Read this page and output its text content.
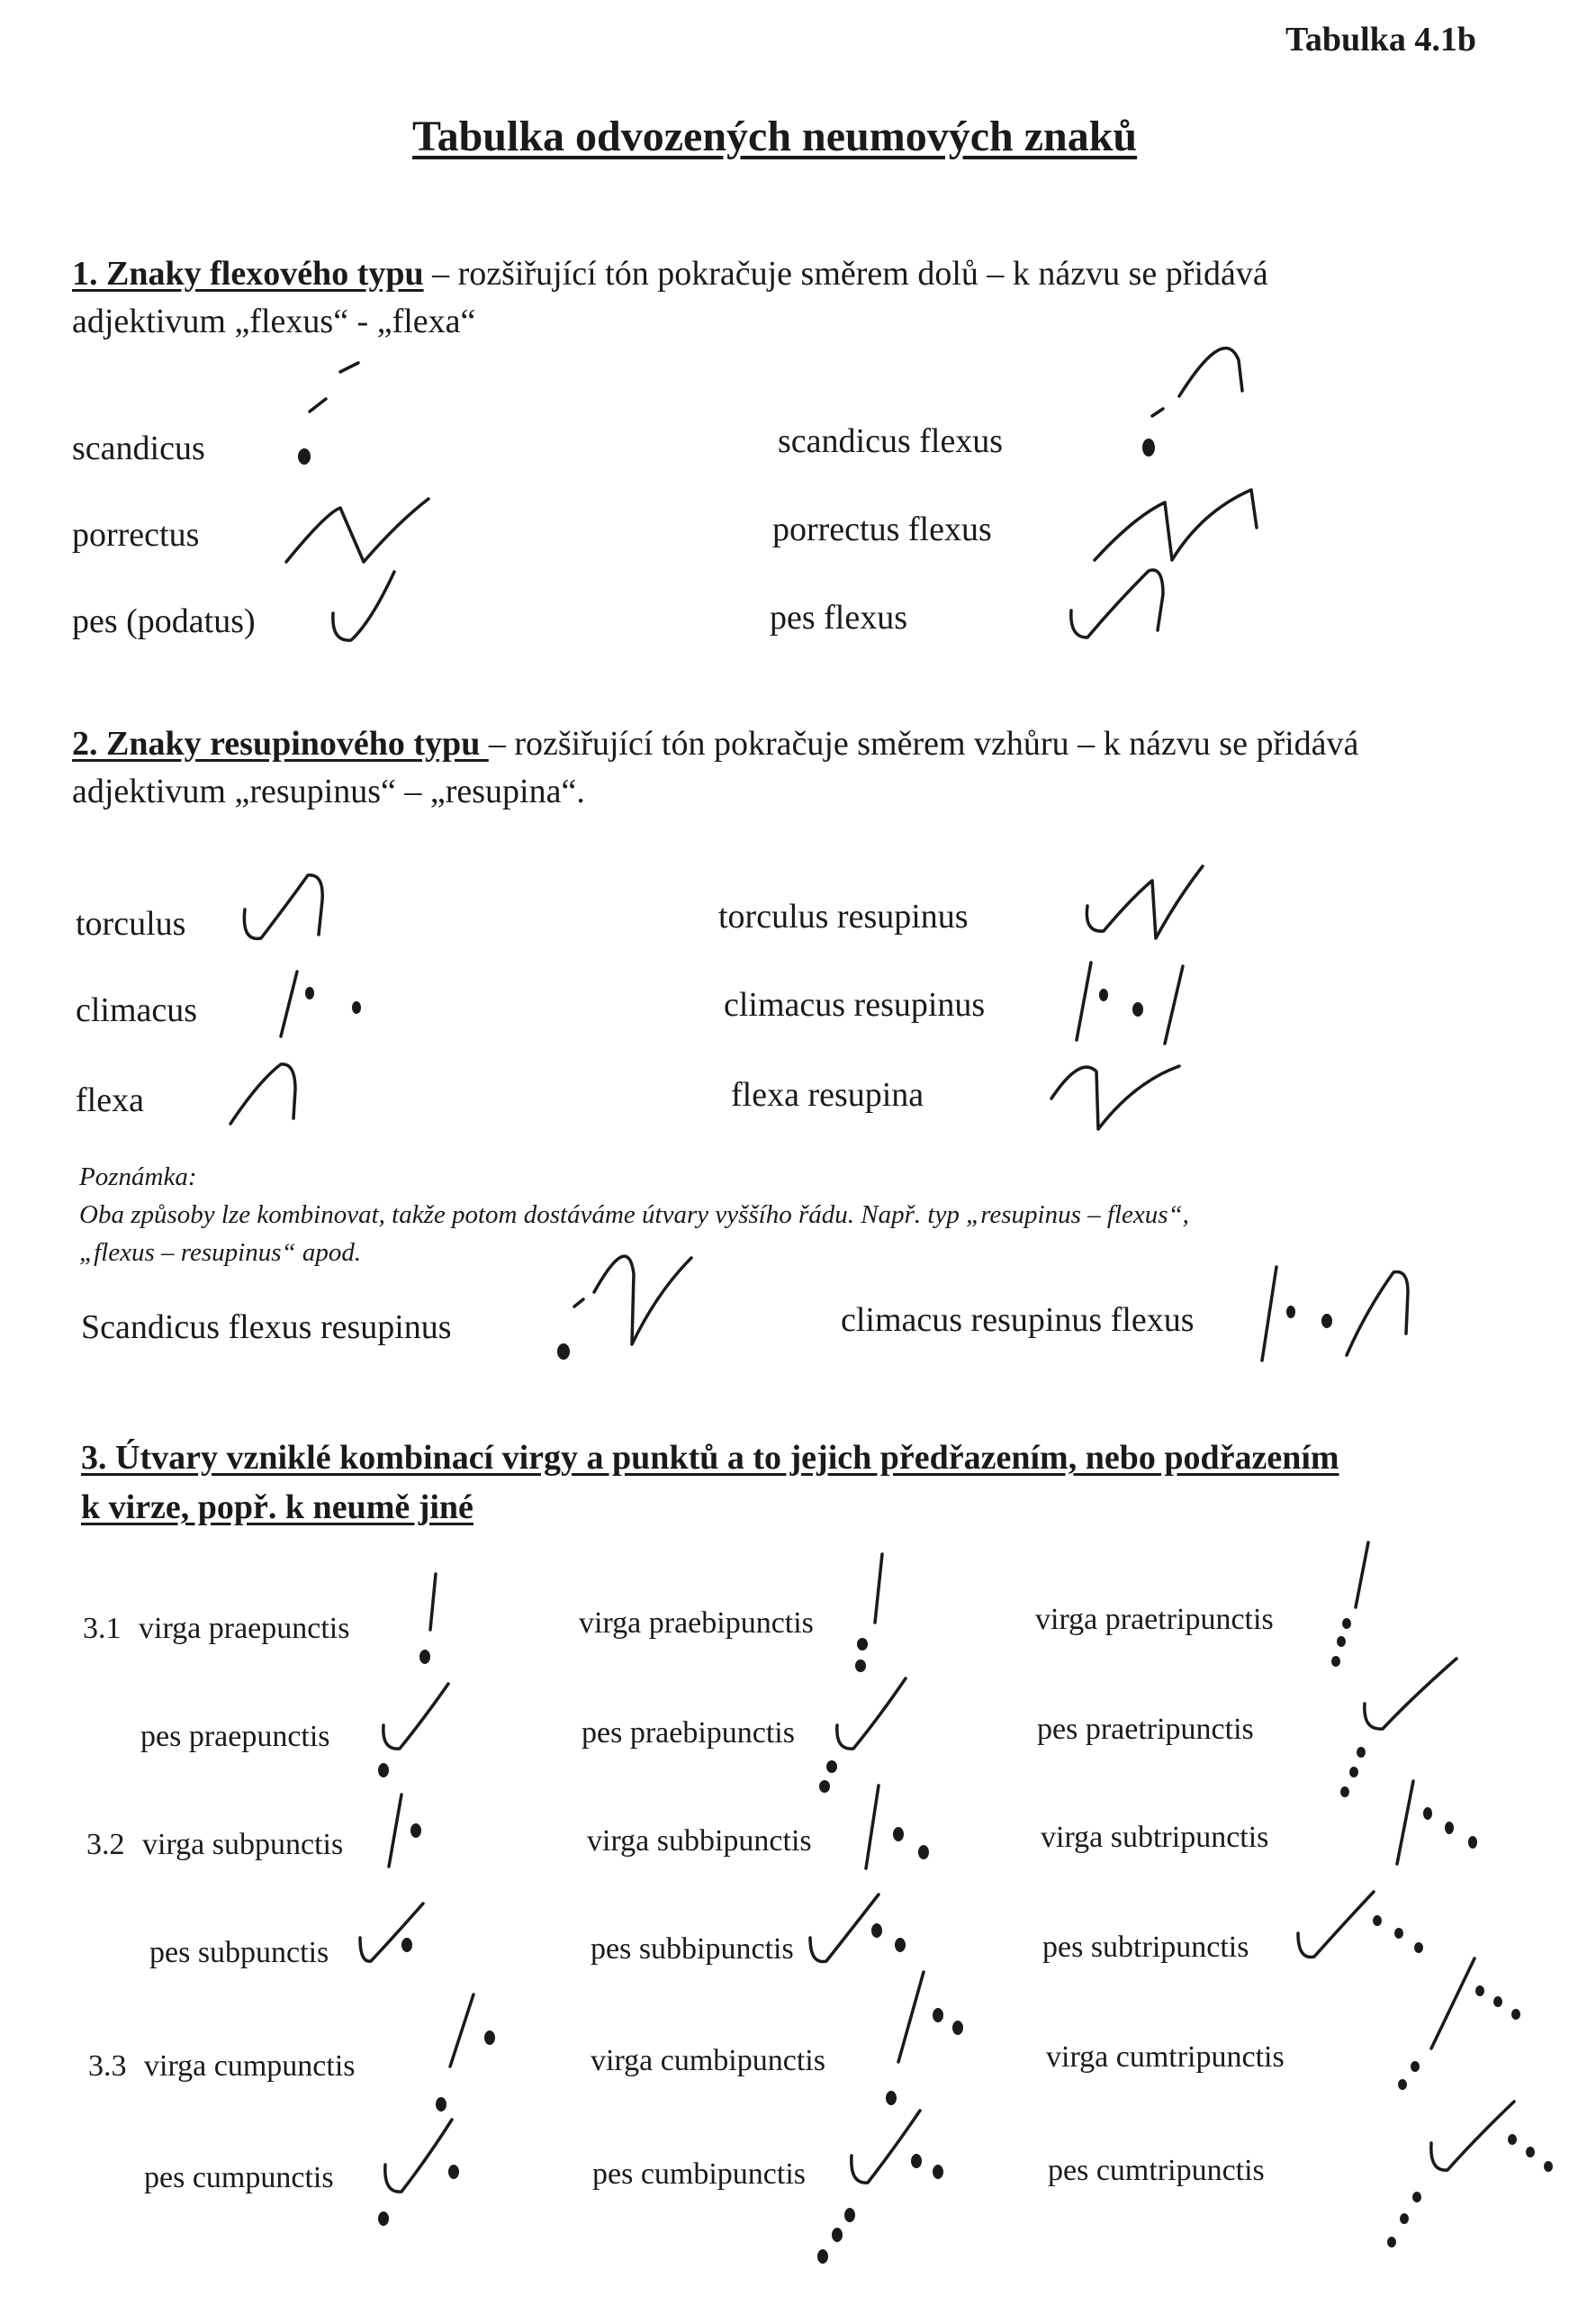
Tabulka 4.1b
Tabulka odvozených neumových znaků
1. Znaky flexového typu – rozšiřující tón pokračuje směrem dolů – k názvu se přidává
adjektivum „flexus“ - „flexa“
scandicus	scandicus flexus
porrectus	porrectus flexus
pes (podatus)	pes flexus
2. Znaky resupinového typu – rozšiřující tón pokračuje směrem vzhůru – k názvu se přidává
adjektivum „resupinus“ – „resupina“.
torculus	torculus resupinus
climacus	climacus resupinus
flexa	flexa resupina
Poznámka:
Oba způsoby lze kombinovat, takže potom dostáváme útvary vyššího řádu. Např. typ „resupinus – flexus“,
„flexus – resupinus“ apod.
Scandicus flexus resupinus	climacus resupinus flexus
3. Útvary vzniklé kombinací virgy a punktů a to jejich předřazením, nebo podřazením
k virze, popř. k neumě jiné
3.1 virga praepunctis	virga praebipunctis	virga praetripunctis
pes praepunctis	pes praebipunctis	pes praetripunctis
3.2 virga subpunctis	virga subbipunctis	virga subtripunctis
pes subpunctis	pes subbipunctis	pes subtripunctis
3.3 virga cumpunctis	virga cumbipunctis	virga cumtripunctis
pes cumpunctis	pes cumbipunctis	pes cumtripunctis
